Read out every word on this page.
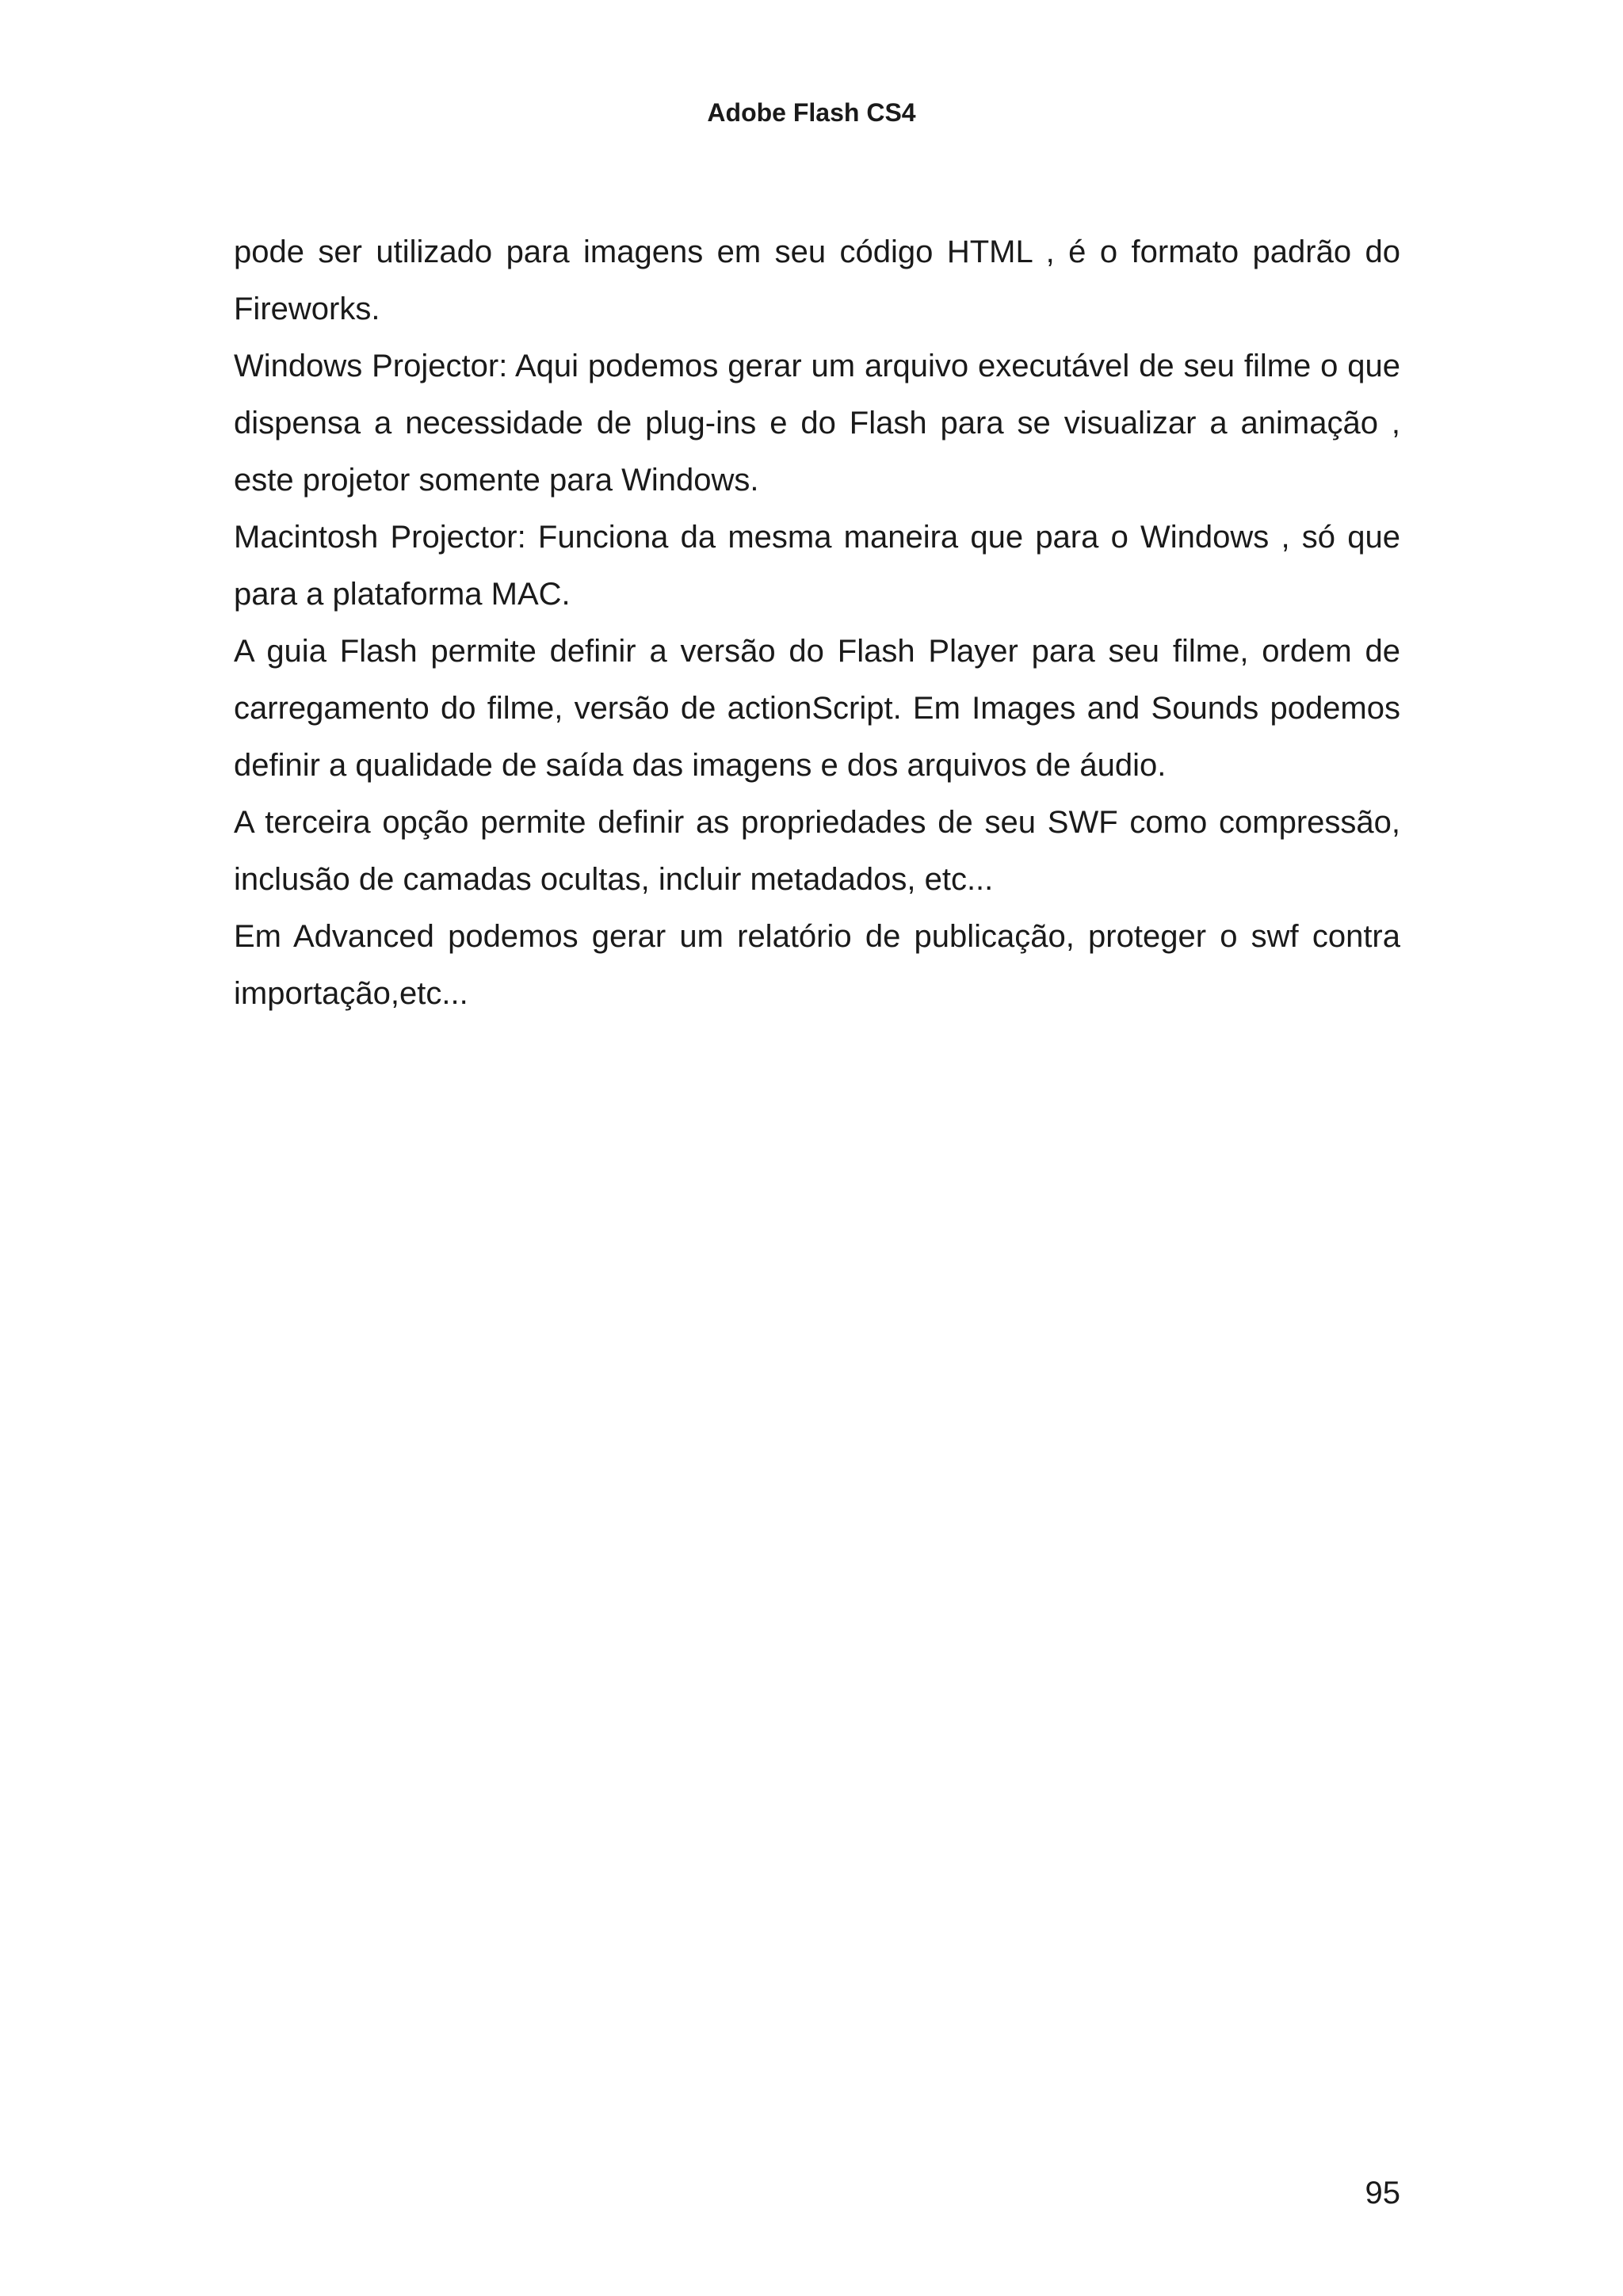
Adobe Flash CS4

pode ser utilizado para imagens em seu código HTML , é o formato padrão do Fireworks.

Windows Projector: Aqui podemos gerar um arquivo executável de seu filme o que dispensa a necessidade de plug-ins e do Flash para se visualizar a animação , este projetor somente para Windows.

Macintosh Projector: Funciona da mesma maneira que para o Windows , só que para a plataforma MAC.

A guia Flash permite definir a versão do Flash Player para seu filme, ordem de carregamento do filme, versão de actionScript. Em Images and Sounds podemos definir a qualidade de saída das imagens e dos arquivos de áudio.

A terceira opção permite definir as propriedades de seu SWF como compressão, inclusão de camadas ocultas, incluir metadados, etc...

Em Advanced podemos gerar um relatório de publicação, proteger o swf contra importação,etc...

95
